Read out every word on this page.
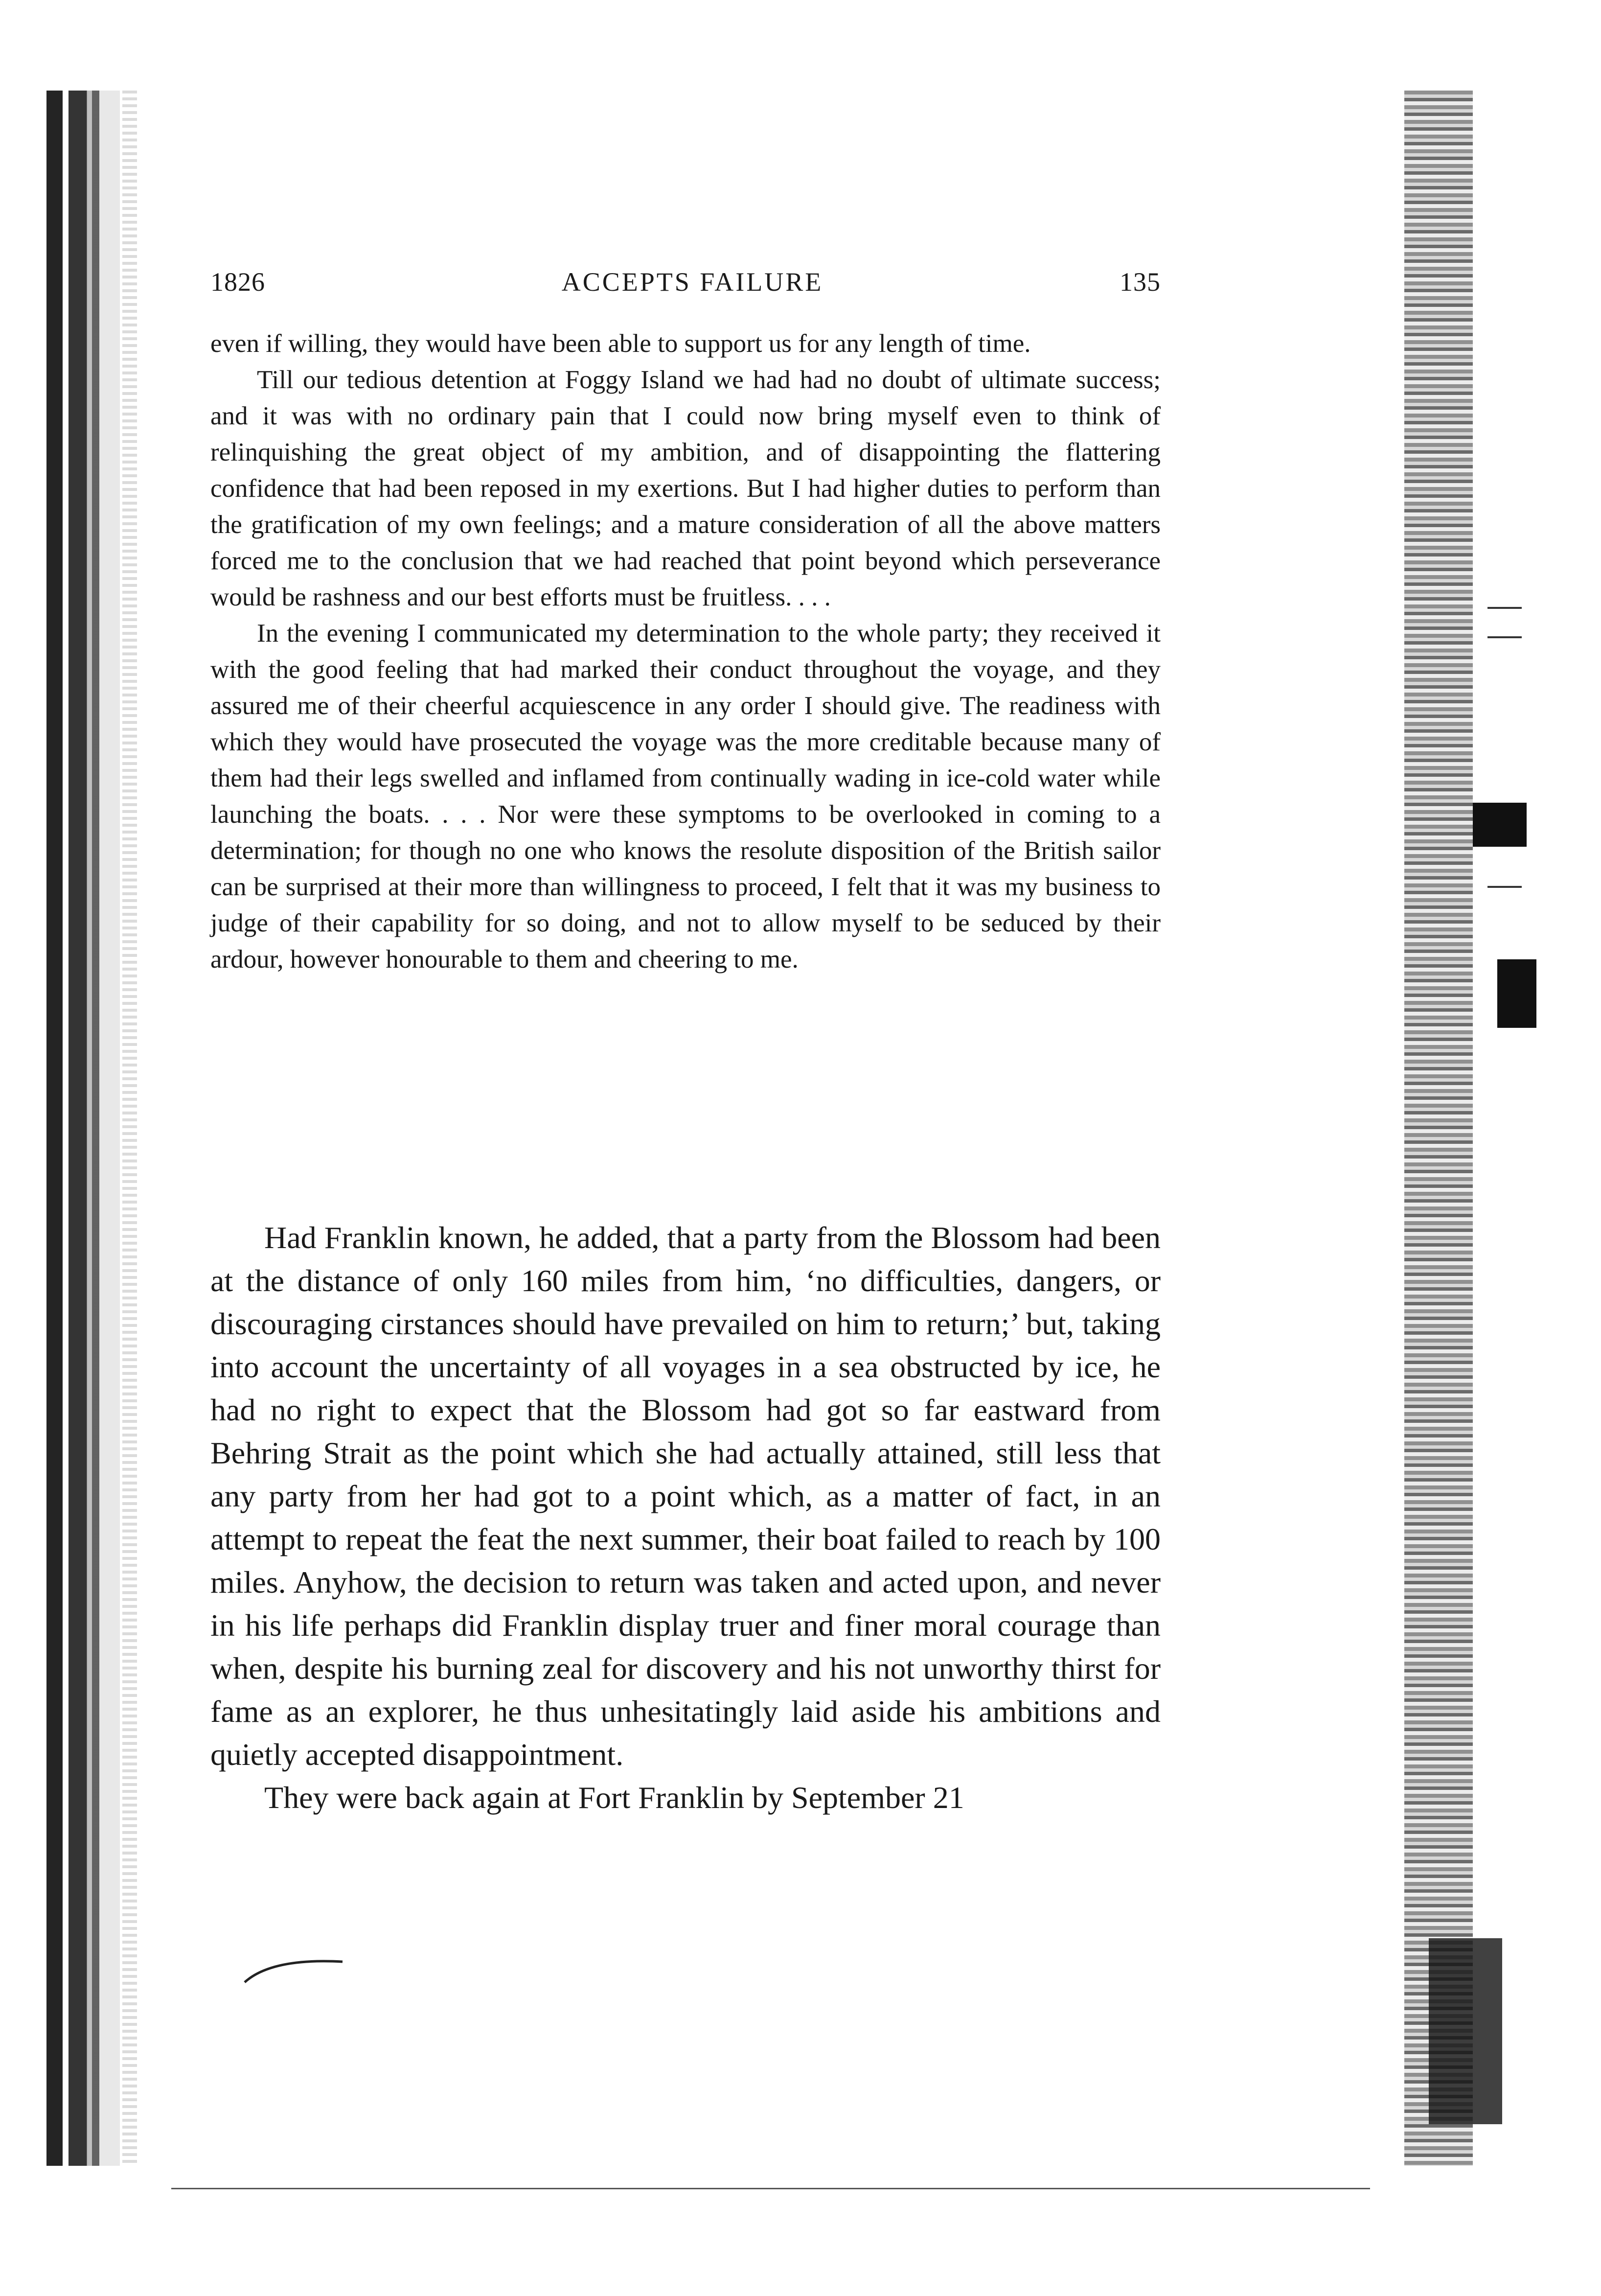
1826	ACCEPTS FAILURE	135

even if willing, they would have been able to support us for any length of time.

Till our tedious detention at Foggy Island we had had no doubt of ultimate success; and it was with no ordinary pain that I could now bring myself even to think of relinquishing the great object of my ambition, and of disappointing the flattering confidence that had been reposed in my exertions. But I had higher duties to perform than the gratification of my own feelings; and a mature consideration of all the above matters forced me to the conclusion that we had reached that point beyond which perseverance would be rashness and our best efforts must be fruitless. . . .

In the evening I communicated my determination to the whole party; they received it with the good feeling that had marked their conduct throughout the voyage, and they assured me of their cheerful acquiescence in any order I should give. The readiness with which they would have prosecuted the voyage was the more creditable because many of them had their legs swelled and inflamed from continually wading in ice-cold water while launching the boats. . . . Nor were these symptoms to be overlooked in coming to a determination; for though no one who knows the resolute disposition of the British sailor can be surprised at their more than willingness to proceed, I felt that it was my business to judge of their capability for so doing, and not to allow myself to be seduced by their ardour, however honourable to them and cheering to me.

Had Franklin known, he added, that a party from the Blossom had been at the distance of only 160 miles from him, ‘no difficulties, dangers, or discouraging cirstances should have prevailed on him to return;’ but, taking into account the uncertainty of all voyages in a sea obstructed by ice, he had no right to expect that the Blossom had got so far eastward from Behring Strait as the point which she had actually attained, still less that any party from her had got to a point which, as a matter of fact, in an attempt to repeat the feat the next summer, their boat failed to reach by 100 miles. Anyhow, the decision to return was taken and acted upon, and never in his life perhaps did Franklin display truer and finer moral courage than when, despite his burning zeal for discovery and his not unworthy thirst for fame as an explorer, he thus unhesitatingly laid aside his ambitions and quietly accepted disappointment.

They were back again at Fort Franklin by September 21
